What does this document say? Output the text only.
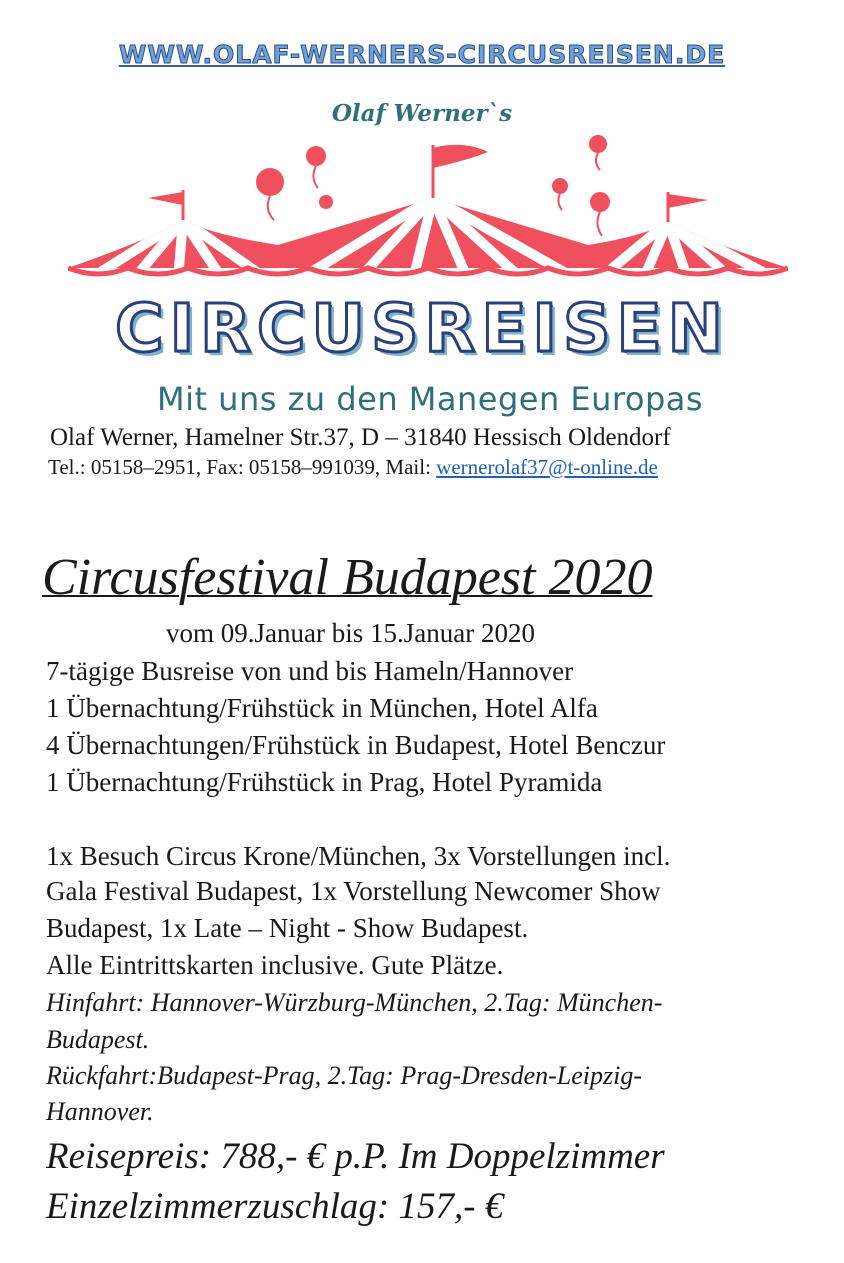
WWW.OLAF-WERNERS-CIRCUSREISEN.DE
Olaf Werner`s
CIRCUSREISEN
Mit uns zu den Manegen Europas
Olaf Werner, Hamelner Str.37, D – 31840 Hessisch Oldendorf
Tel.: 05158–2951, Fax: 05158–991039, Mail: wernerolaf37@t-online.de
Circusfestival Budapest 2020
vom 09.Januar bis 15.Januar 2020
7-tägige Busreise von und bis Hameln/Hannover
1 Übernachtung/Frühstück in München, Hotel Alfa
4 Übernachtungen/Frühstück in Budapest, Hotel Benczur
1 Übernachtung/Frühstück in Prag, Hotel Pyramida
1x Besuch Circus Krone/München, 3x Vorstellungen incl.
Gala Festival Budapest, 1x Vorstellung Newcomer Show
Budapest, 1x Late – Night - Show Budapest.
Alle Eintrittskarten inclusive. Gute Plätze.
Hinfahrt: Hannover-Würzburg-München, 2.Tag: München-
Budapest.
Rückfahrt:Budapest-Prag, 2.Tag: Prag-Dresden-Leipzig-
Hannover.
Reisepreis: 788,- € p.P. Im Doppelzimmer
Einzelzimmerzuschlag: 157,- €
